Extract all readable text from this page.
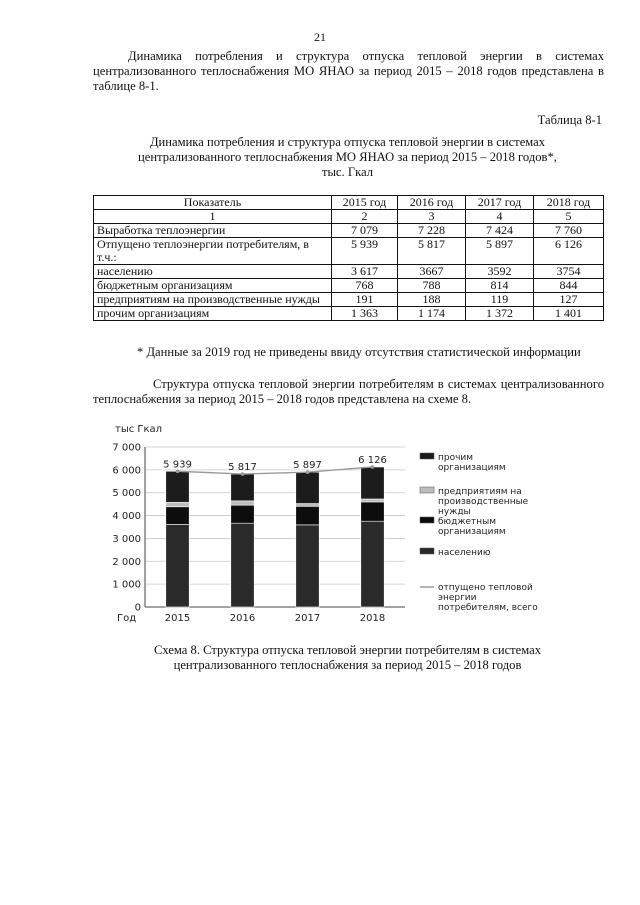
21

Динамика потребления и структура отпуска тепловой энергии в системах централизованного теплоснабжения МО ЯНАО за период 2015 – 2018 годов представлена в таблице 8-1.

Таблица 8-1
Динамика потребления и структура отпуска тепловой энергии в системах
централизованного теплоснабжения МО ЯНАО за период 2015 – 2018 годов*,
тыс. Гкал
Показатель	2015 год	2016 год	2017 год	2018 год
1	2	3	4	5
Выработка теплоэнергии	7 079	7 228	7 424	7 760
Отпущено теплоэнергии потребителям, в т.ч.:	5 939	5 817	5 897	6 126
населению	3 617	3667	3592	3754
бюджетным организациям	768	788	814	844
предприятиям на производственные нужды	191	188	119	127
прочим организациям	1 363	1 174	1 372	1 401

* Данные за 2019 год не приведены ввиду отсутствия статистической информации

Структура отпуска тепловой энергии потребителям в системах централизованного теплоснабжения за период 2015 – 2018 годов представлена на схеме 8.

тыс Гкал
0
1 000
2 000
3 000
4 000
5 000
6 000
7 000
5 939	5 817	5 897	6 126
2015	2016	2017	2018
Год
прочим организациям
предприятиям на производственные нужды
бюджетным организациям
населению
отпущено тепловой энергии потребителям, всего
Схема 8. Структура отпуска тепловой энергии потребителям в системах
централизованного теплоснабжения за период 2015 – 2018 годов
